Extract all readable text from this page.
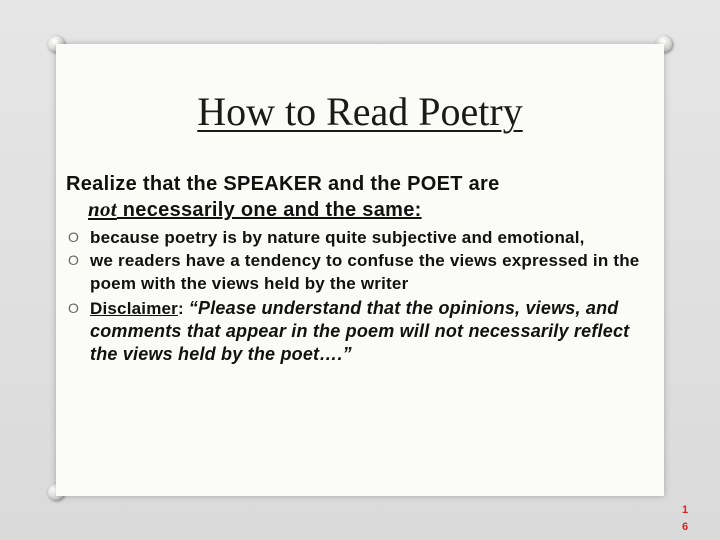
How to Read Poetry
Realize that the SPEAKER and the POET are
not necessarily one and the same:
O because poetry is by nature quite subjective and emotional,
O we readers have a tendency to confuse the views expressed in the poem with the views held by the writer
O Disclaimer: “Please understand that the opinions, views, and comments that appear in the poem will not necessarily reflect the views held by the poet….”
1
6
